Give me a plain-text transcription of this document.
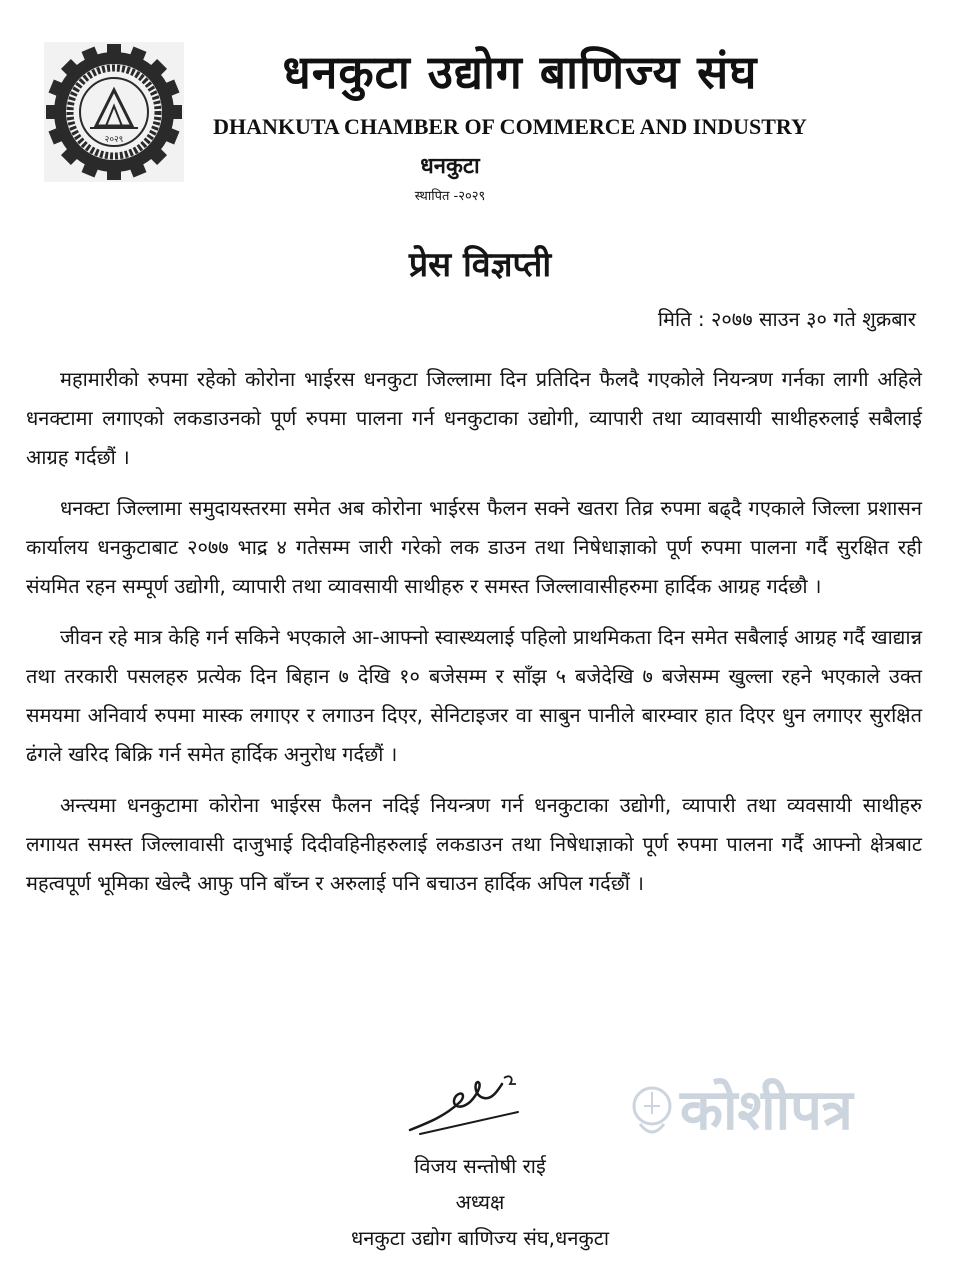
२०२९
धनकुटा उद्योग बाणिज्य संघ
DHANKUTA CHAMBER OF COMMERCE AND INDUSTRY
धनकुटा
स्थापित -२०२९
प्रेस विज्ञप्ती
मिति : २०७७ साउन ३० गते शुक्रबार

महामारीको रुपमा रहेको कोरोना भाईरस धनकुटा जिल्लामा दिन प्रतिदिन फैलदै गएकोले नियन्त्रण गर्नका लागी अहिले धनक्टामा लगाएको लकडाउनको पूर्ण रुपमा पालना गर्न धनकुटाका उद्योगी, व्यापारी तथा व्यावसायी साथीहरुलाई सबैलाई आग्रह गर्दछौं ।

धनक्टा जिल्लामा समुदायस्तरमा समेत अब कोरोना भाईरस फैलन सक्ने खतरा तिव्र रुपमा बढ्दै गएकाले जिल्ला प्रशासन कार्यालय धनकुटाबाट २०७७ भाद्र ४ गतेसम्म जारी गरेको लक डाउन तथा निषेधाज्ञाको पूर्ण रुपमा पालना गर्दै सुरक्षित रही संयमित रहन सम्पूर्ण उद्योगी, व्यापारी तथा व्यावसायी साथीहरु र समस्त जिल्लावासीहरुमा हार्दिक आग्रह गर्दछौ ।

जीवन रहे मात्र केहि गर्न सकिने भएकाले आ-आफ्नो स्वास्थ्यलाई पहिलो प्राथमिकता दिन समेत सबैलाई आग्रह गर्दै खाद्यान्न तथा तरकारी पसलहरु प्रत्येक दिन बिहान ७ देखि १० बजेसम्म र साँझ ५ बजेदेखि ७ बजेसम्म खुल्ला रहने भएकाले उक्त समयमा अनिवार्य रुपमा मास्क लगाएर र लगाउन दिएर, सेनिटाइजर वा साबुन पानीले बारम्वार हात दिएर धुन लगाएर सुरक्षित ढंगले खरिद बिक्रि गर्न समेत हार्दिक अनुरोध गर्दछौं ।

अन्त्यमा धनकुटामा कोरोना भाईरस फैलन नदिई नियन्त्रण गर्न धनकुटाका उद्योगी, व्यापारी तथा व्यवसायी साथीहरु लगायत समस्त जिल्लावासी दाजुभाई दिदीवहिनीहरुलाई लकडाउन तथा निषेधाज्ञाको पूर्ण रुपमा पालना गर्दै आफ्नो क्षेत्रबाट महत्वपूर्ण भूमिका खेल्दै आफु पनि बाँच्न र अरुलाई पनि बचाउन हार्दिक अपिल गर्दछौं ।

कोशीपत्र
विजय सन्तोषी राई
अध्यक्ष
धनकुटा उद्योग बाणिज्य संघ,धनकुटा
